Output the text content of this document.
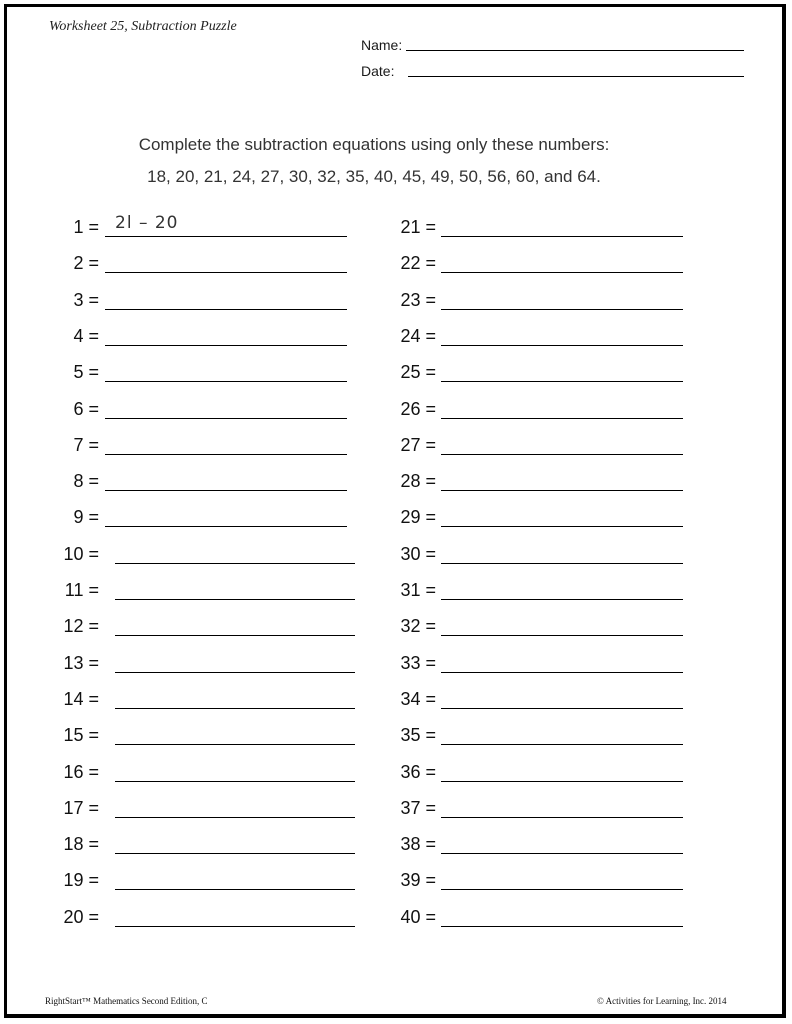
Worksheet 25, Subtraction Puzzle
Name:
Date:
Complete the subtraction equations using only these numbers:
18, 20, 21, 24, 27, 30, 32, 35, 40, 45, 49, 50, 56, 60, and 64.
1 = 2l – 20
2 =
3 =
4 =
5 =
6 =
7 =
8 =
9 =
10 =
11 =
12 =
13 =
14 =
15 =
16 =
17 =
18 =
19 =
20 =
21 =
22 =
23 =
24 =
25 =
26 =
27 =
28 =
29 =
30 =
31 =
32 =
33 =
34 =
35 =
36 =
37 =
38 =
39 =
40 =
RightStart™ Mathematics Second Edition, C	© Activities for Learning, Inc. 2014
